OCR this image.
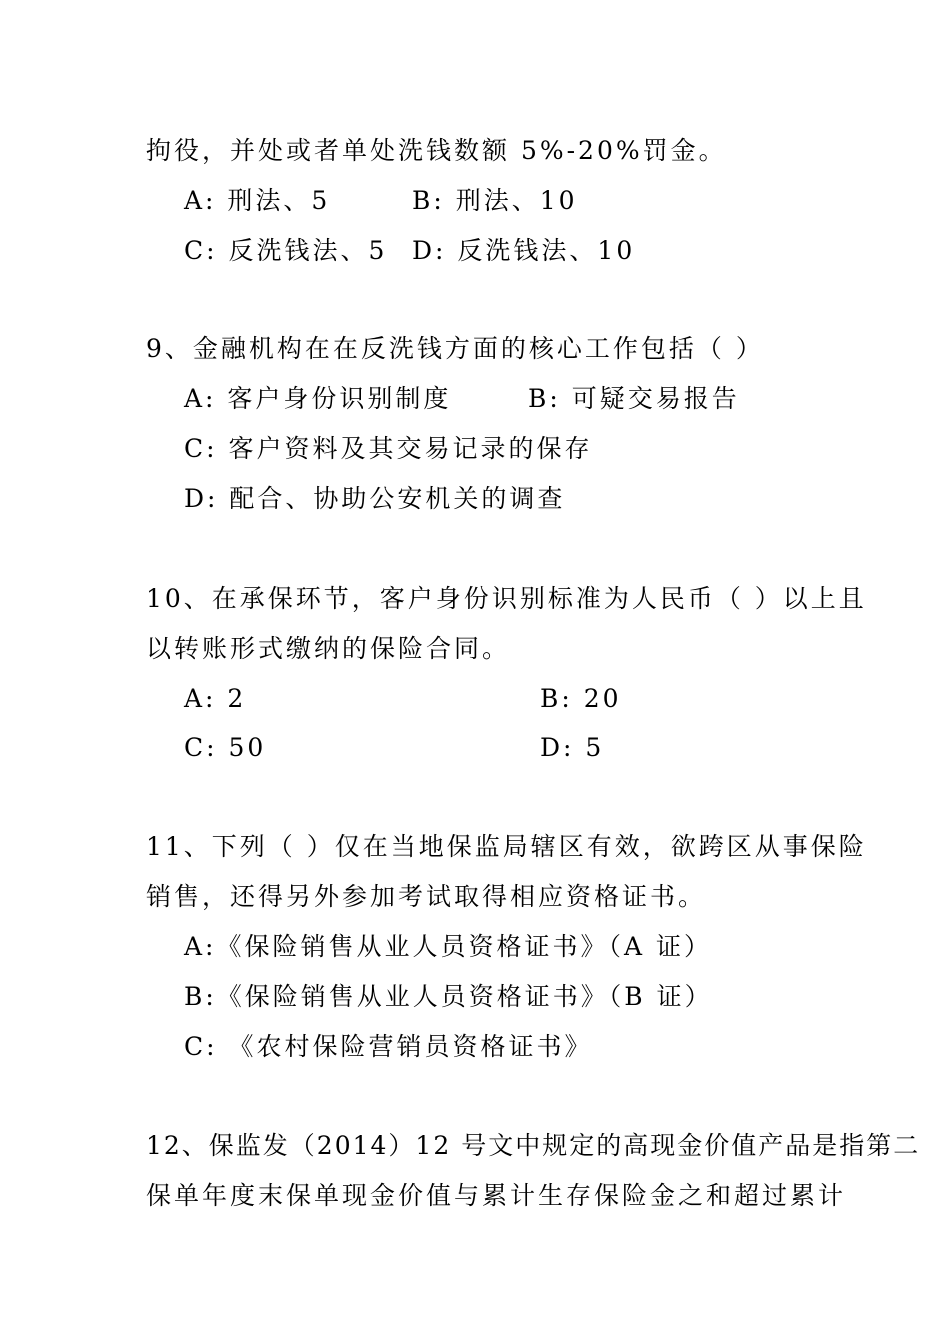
拘役，并处或者单处洗钱数额 5%-20%罚金。
A: 刑法、5	B: 刑法、10
C: 反洗钱法、5 D: 反洗钱法、10
9、金融机构在在反洗钱方面的核心工作包括（ ）
A: 客户身份识别制度	B: 可疑交易报告
C: 客户资料及其交易记录的保存
D: 配合、协助公安机关的调查
10、在承保环节，客户身份识别标准为人民币（ ）以上且
以转账形式缴纳的保险合同。
A: 2	B: 20
C: 50	D: 5
11、下列（ ）仅在当地保监局辖区有效，欲跨区从事保险
销售，还得另外参加考试取得相应资格证书。
A:《保险销售从业人员资格证书》（A 证）
B:《保险销售从业人员资格证书》（B 证）
C: 《农村保险营销员资格证书》
12、保监发（2014）12 号文中规定的高现金价值产品是指第二
保单年度末保单现金价值与累计生存保险金之和超过累计
